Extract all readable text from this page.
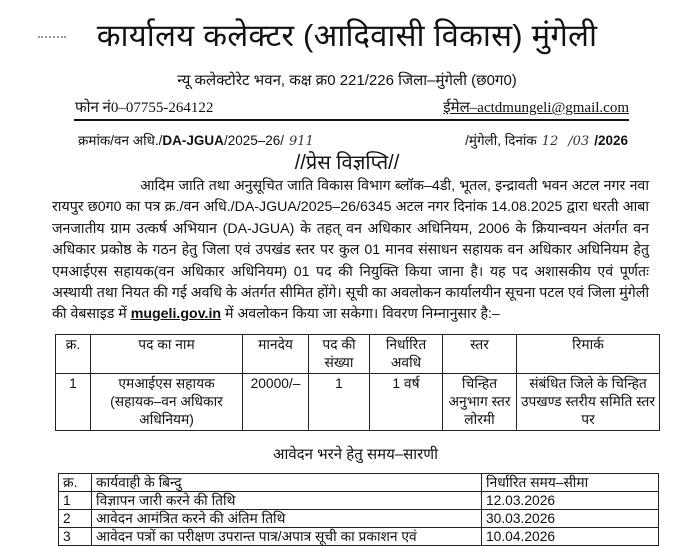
कार्यालय कलेक्टर (आदिवासी विकास) मुंगेली
न्यू कलेक्टोरेट भवन, कक्ष क्र0 221/226 जिला–मुंगेली (छ0ग0)
फोन नं0–07755-264122	ईमेल–actdmungeli@gmail.com
क्रमांक/वन अधि./DA-JGUA/2025–26/ 911	/मुंगेली, दिनांक 12 /03 /2026
//प्रेस विज्ञप्ति//

आदिम जाति तथा अनुसूचित जाति विकास विभाग ब्लॉक–4डी, भूतल, इन्द्रावती भवन अटल नगर नवा रायपुर छ0ग0 का पत्र क्र./वन अधि./DA-JGUA/2025–26/6345 अटल नगर दिनांक 14.08.2025 द्वारा धरती आबा जनजातीय ग्राम उत्कर्ष अभियान (DA-JGUA) के तहत् वन अधिकार अधिनियम, 2006 के क्रियान्वयन अंतर्गत वन अधिकार प्रकोष्ठ के गठन हेतु जिला एवं उपखंड स्तर पर कुल 01 मानव संसाधन सहायक वन अधिकार अधिनियम हेतु एमआईएस सहायक(वन अधिकार अधिनियम) 01 पद की नियुक्ति किया जाना है। यह पद अशासकीय एवं पूर्णतः अस्थायी तथा नियत की गई अवधि के अंतर्गत सीमित होंगे। सूची का अवलोकन कार्यालयीन सूचना पटल एवं जिला मुंगेली की वेबसाइड में mugeli.gov.in में अवलोकन किया जा सकेगा। विवरण निम्नानुसार है:–

क्र.	पद का नाम	मानदेय	पद की संख्या	निर्धारित अवधि	स्तर	रिमार्क
1	एमआईएस सहायक (सहायक–वन अधिकार अधिनियम)	20000/–	1	1 वर्ष	चिन्हित अनुभाग स्तर लोरमी	संबंधित जिले के चिन्हित उपखण्ड स्तरीय समिति स्तर पर
आवेदन भरने हेतु समय–सारणी
क्र.	कार्यवाही के बिन्दु	निर्धारित समय–सीमा
1	विज्ञापन जारी करने की तिथि	12.03.2026
2	आवेदन आमंत्रित करने की अंतिम तिथि	30.03.2026
3	आवेदन पत्रों का परीक्षण उपरान्त पात्र/अपात्र सूची का प्रकाशन एवं	10.04.2026
